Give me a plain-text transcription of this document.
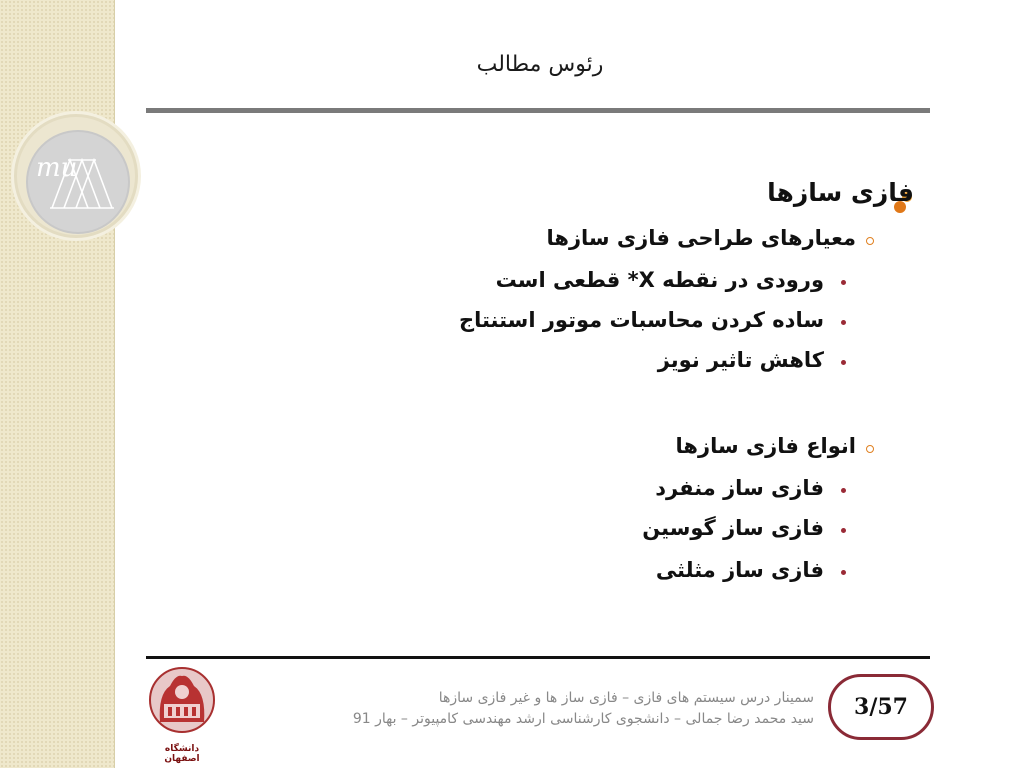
mu
رئوس مطالب
فازی سازها
معیارهای طراحی فازی سازها
ورودی در نقطه X* قطعی است
ساده کردن محاسبات موتور استنتاج
کاهش تاثیر نویز
انواع فازی سازها
فازی ساز منفرد
فازی ساز گوسین
فازی ساز مثلثی
دانشگاه اصفهان
سمینار درس سیستم های فازی – فازی ساز ها و غیر فازی سازها
سید محمد رضا جمالی – دانشجوی کارشناسی ارشد مهندسی کامپیوتر – بهار 91	3/57
